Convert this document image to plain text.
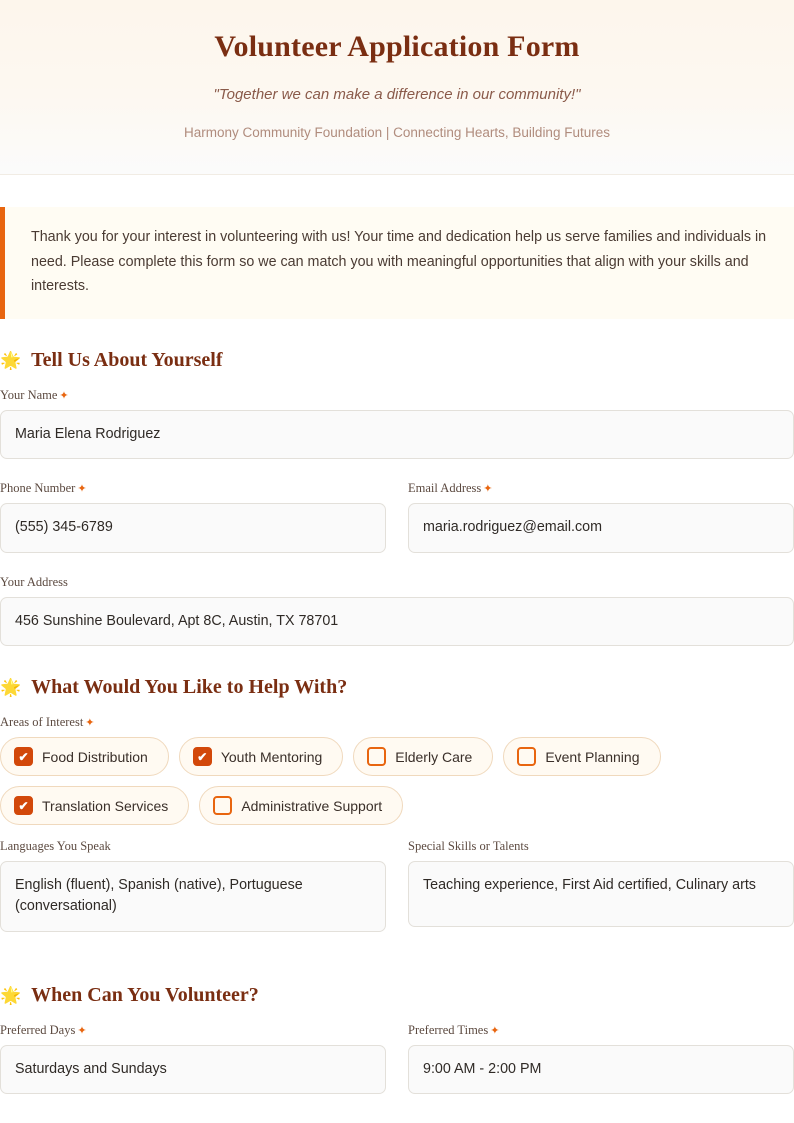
Volunteer Application Form

"Together we can make a difference in our community!"

Harmony Community Foundation | Connecting Hearts, Building Futures

Thank you for your interest in volunteering with us! Your time and dedication help us serve families and individuals in need. Please complete this form so we can match you with meaningful opportunities that align with your skills and interests.

🌟 Tell Us About Yourself
Your Name ✦
Maria Elena Rodriguez
Phone Number ✦
(555) 345-6789
Email Address ✦
maria.rodriguez@email.com
Your Address
456 Sunshine Boulevard, Apt 8C, Austin, TX 78701
🌟 What Would You Like to Help With?
Areas of Interest ✦
✔ Food Distribution	✔ Youth Mentoring	Elderly Care	Event Planning
✔ Translation Services	Administrative Support
Languages You Speak
English (fluent), Spanish (native), Portuguese (conversational)
Special Skills or Talents
Teaching experience, First Aid certified, Culinary arts
🌟 When Can You Volunteer?
Preferred Days ✦
Saturdays and Sundays
Preferred Times ✦
9:00 AM - 2:00 PM
